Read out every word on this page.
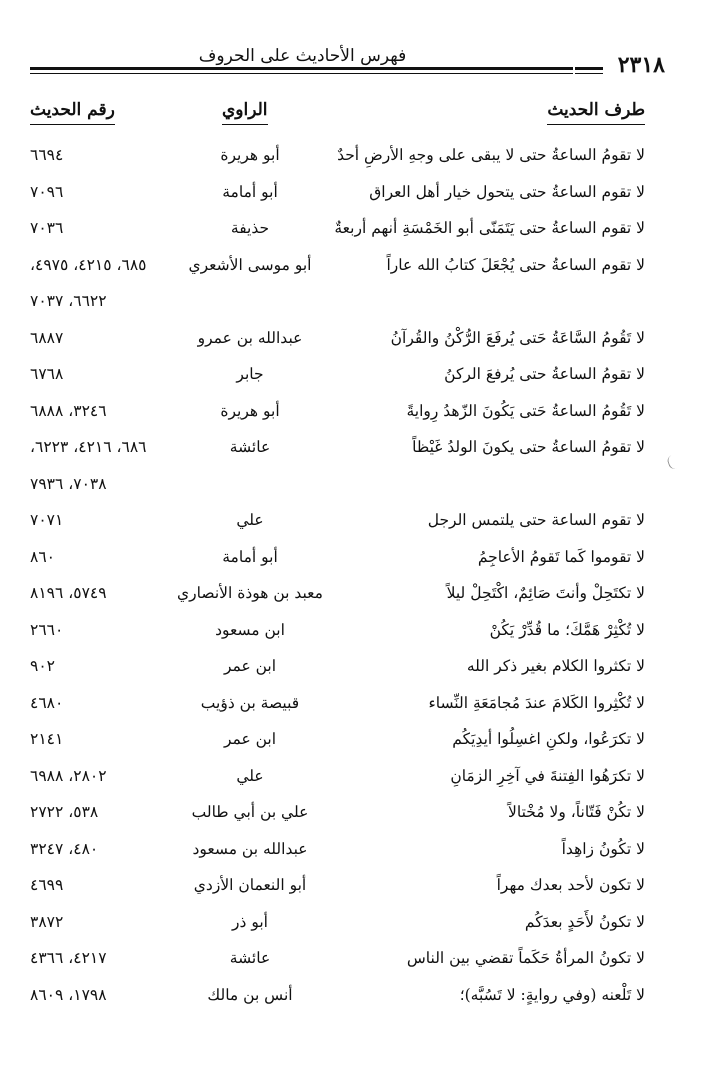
٢٣١٨
فهرس الأحاديث على الحروف
طرف الحديث
الراوي
رقم الحديث
لا تقومُ الساعةُ حتى لا يبقى على وجهِ الأرضِ أحدٌ
أبو هريرة
٦٦٩٤
لا تقوم الساعةُ حتى يتحول خيار أهل العراق
أبو أمامة
٧٠٩٦
لا تقوم الساعةُ حتى يَتَمَنّى أبو الخَمْسَةِ أنهم أربعةٌ
حذيفة
٧٠٣٦
لا تقوم الساعةُ حتى يُجْعَلَ كتابُ الله عاراً
أبو موسى الأشعري
٦٨٥، ٤٢١٥، ٤٩٧٥،
٦٦٢٢، ٧٠٣٧
لا تَقُومُ السَّاعَةُ حَتى يُرفَعَ الرُّكْنُ والقُرآنُ
عبدالله بن عمرو
٦٨٨٧
لا تقومُ الساعةُ حتى يُرفعَ الركنُ
جابر
٦٧٦٨
لا تَقُومُ الساعةُ حَتى يَكُونَ الزّهدُ رِوايةً
أبو هريرة
٣٢٤٦، ٦٨٨٨
لا تقومُ الساعةُ حتى يكونَ الولدُ غَيْظاً
عائشة
٦٨٦، ٤٢١٦، ٦٢٢٣،
٧٠٣٨، ٧٩٣٦
لا تقوم الساعة حتى يلتمس الرجل
علي
٧٠٧١
لا تقوموا كَما تَقومُ الأعاجِمُ
أبو أمامة
٨٦٠
لا تكتَحِلْ وأنتَ صَائِمٌ، اكْتَحِلْ ليلاً
معبد بن هوذة الأنصاري
٥٧٤٩، ٨١٩٦
لا تُكْثِرْ هَمَّكَ؛ ما قُدِّرْ يَكُنْ
ابن مسعود
٢٦٦٠
لا تكثروا الكلام بغير ذكر الله
ابن عمر
٩٠٢
لا تُكْثِروا الكَلامَ عندَ مُجامَعَةِ النِّساء
قبيصة بن ذؤيب
٤٦٨٠
لا تكرَعُوا، ولكنِ اغسِلُوا أيدِيَكُم
ابن عمر
٢١٤١
لا تكرَهُوا الفِتنةَ في آخِرِ الزمَانِ
علي
٢٨٠٢، ٦٩٨٨
لا تكُنْ فَتّاناً، ولا مُخْتالاً
علي بن أبي طالب
٥٣٨، ٢٧٢٢
لا تكُونُ زاهِداً
عبدالله بن مسعود
٤٨٠، ٣٢٤٧
لا تكون لأحد بعدك مهراً
أبو النعمان الأزدي
٤٦٩٩
لا تكونُ لأَحَدٍ بعدَكُم
أبو ذر
٣٨٧٢
لا تكونُ المرأةُ حَكَماً تقضي بين الناس
عائشة
٤٢١٧، ٤٣٦٦
لا تَلْعنه (وفي روايةٍ: لا تَسُبَّه)؛
أنس بن مالك
١٧٩٨، ٨٦٠٩
